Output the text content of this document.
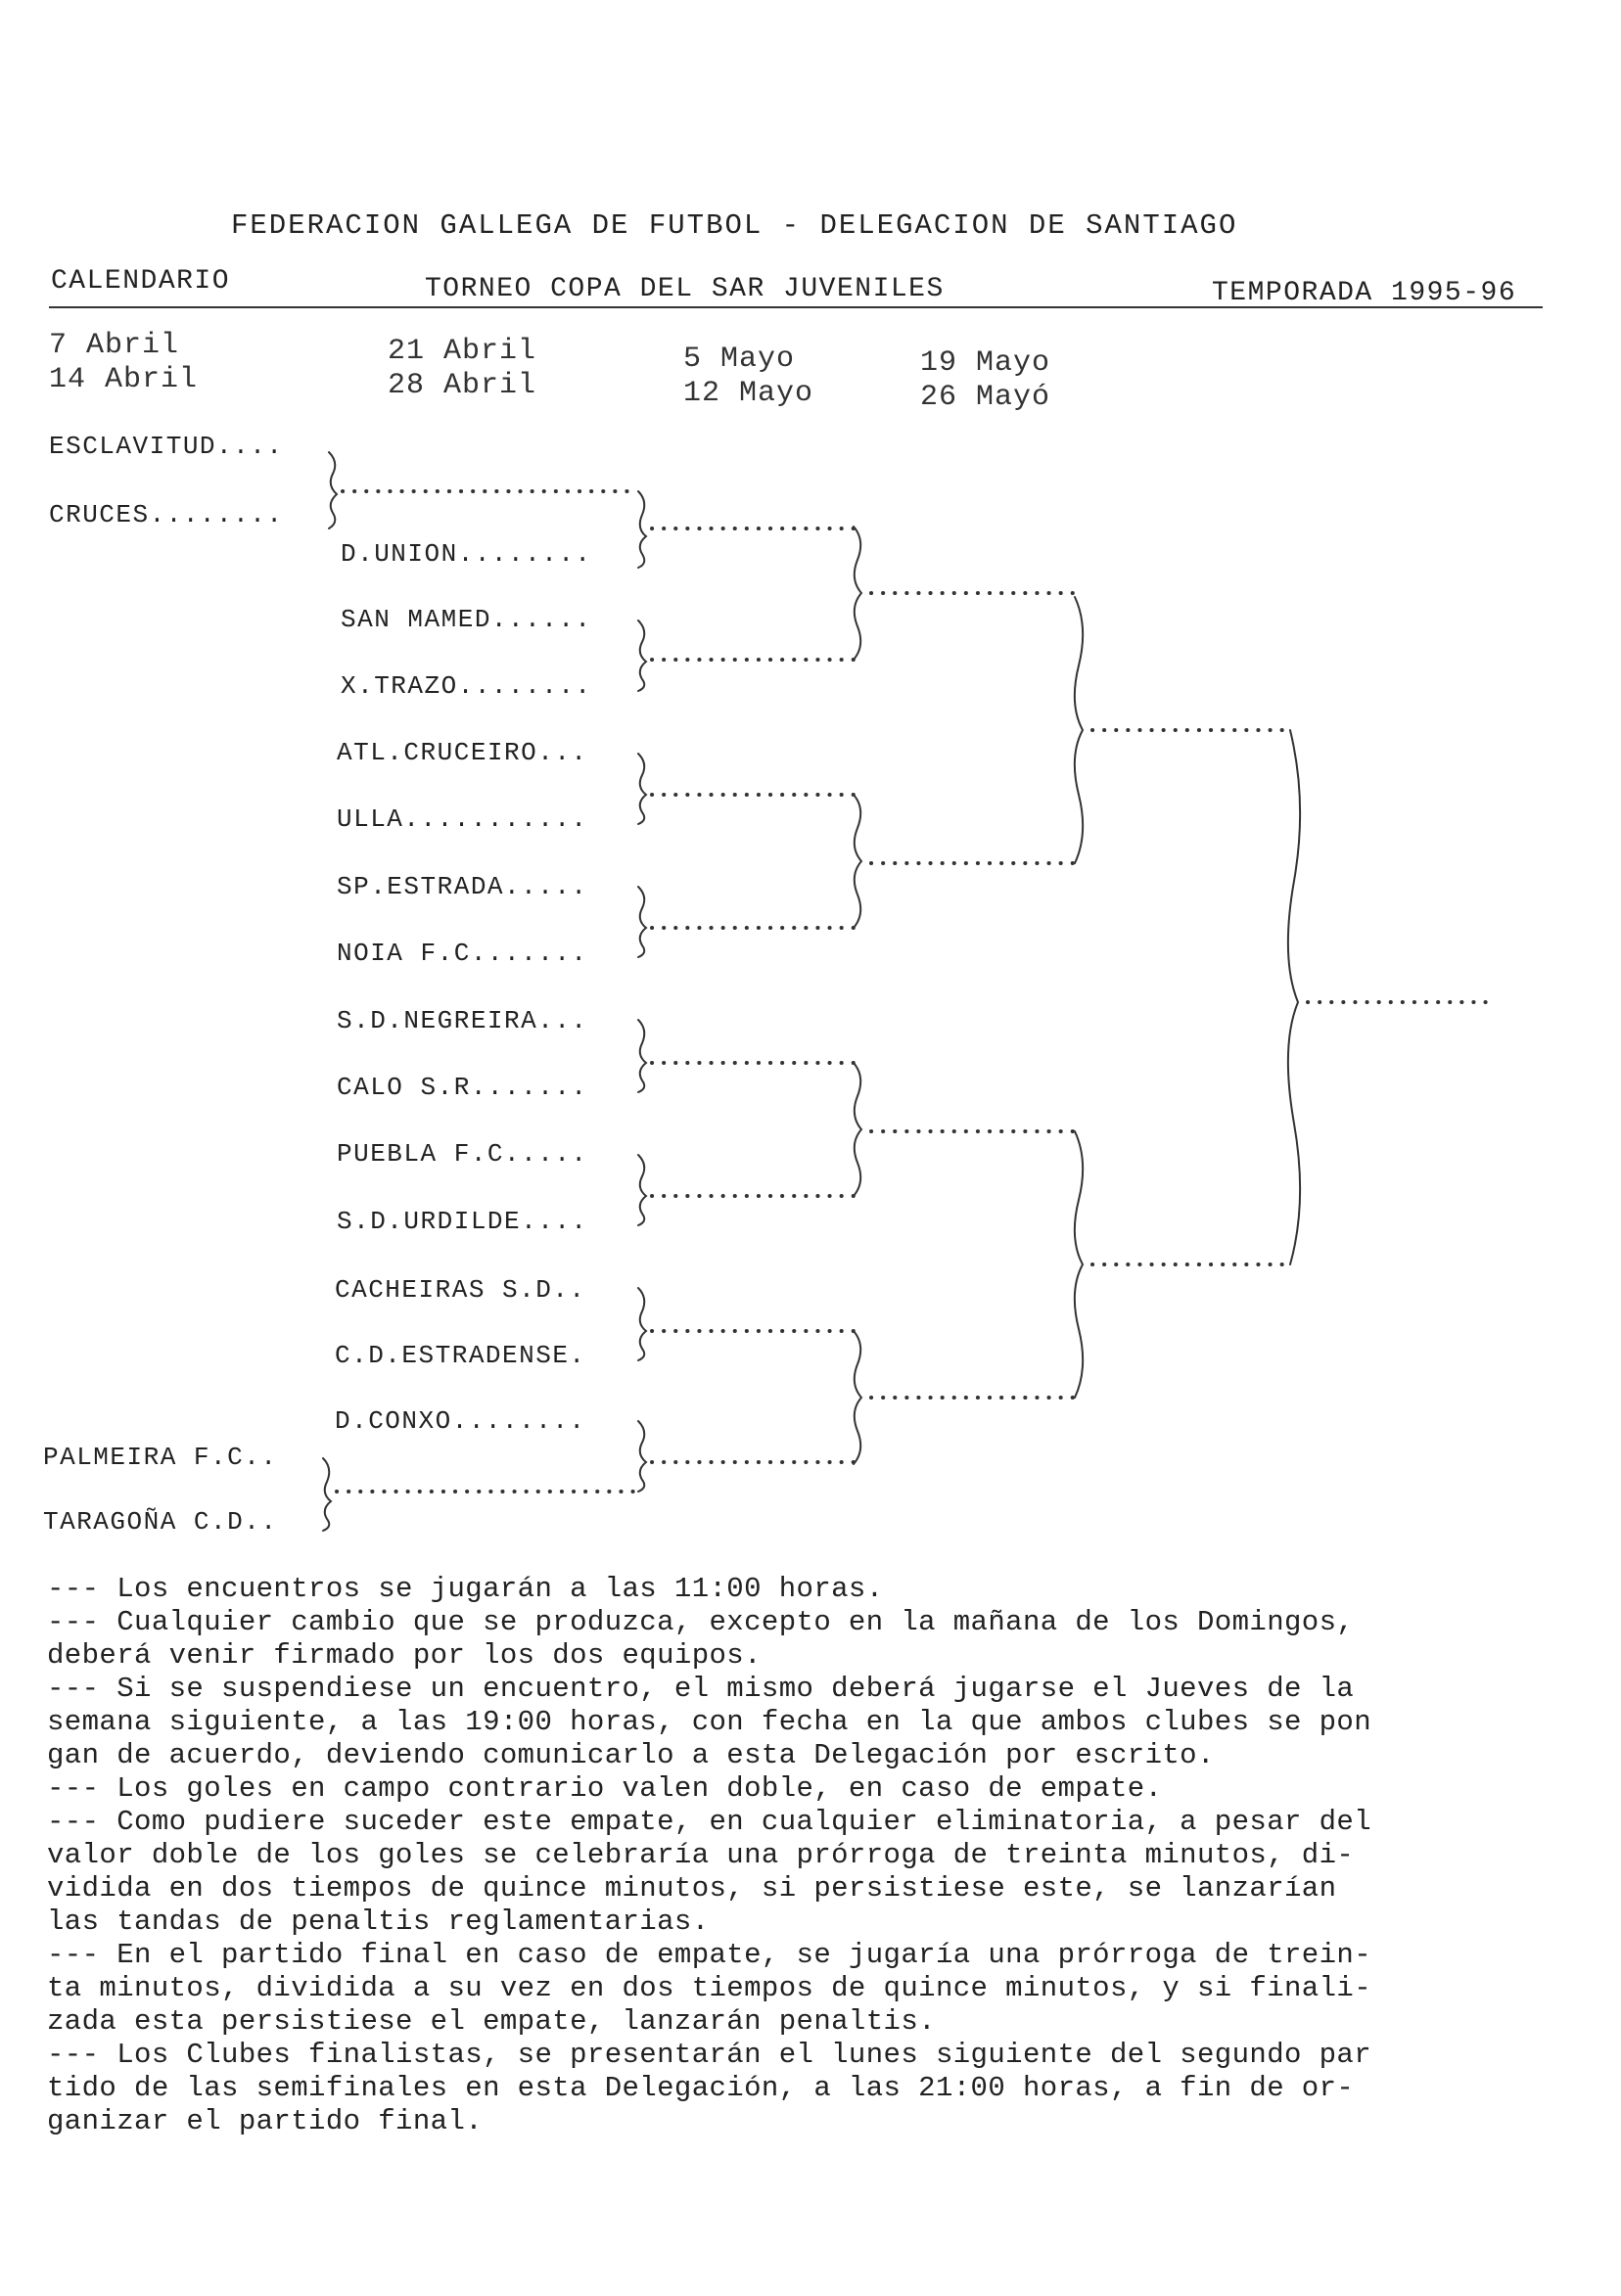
FEDERACION GALLEGA DE FUTBOL - DELEGACION DE SANTIAGO
CALENDARIO	TORNEO COPA DEL SAR JUVENILES	TEMPORADA 1995-96
7 Abril
14 Abril
21 Abril
28 Abril
5 Mayo
12 Mayo
19 Mayo
26 Mayó
ESCLAVITUD....
CRUCES........
D.UNION........
SAN MAMED......
X.TRAZO........
ATL.CRUCEIRO...
ULLA...........
SP.ESTRADA.....
NOIA F.C.......
S.D.NEGREIRA...
CALO S.R.......
PUEBLA F.C.....
S.D.URDILDE....
CACHEIRAS S.D..
C.D.ESTRADENSE.
D.CONXO........
PALMEIRA F.C..
TARAGOÑA C.D..
--- Los encuentros se jugarán a las 11:00 horas.
--- Cualquier cambio que se produzca, excepto en la mañana de los Domingos,
deberá venir firmado por los dos equipos.
--- Si se suspendiese un encuentro, el mismo deberá jugarse el Jueves de la
semana siguiente, a las 19:00 horas, con fecha en la que ambos clubes se pon
gan de acuerdo, deviendo comunicarlo a esta Delegación por escrito.
--- Los goles en campo contrario valen doble, en caso de empate.
--- Como pudiere suceder este empate, en cualquier eliminatoria, a pesar del
valor doble de los goles se celebraría una prórroga de treinta minutos, di-
vidida en dos tiempos de quince minutos, si persistiese este, se lanzarían
las tandas de penaltis reglamentarias.
--- En el partido final en caso de empate, se jugaría una prórroga de trein-
ta minutos, dividida a su vez en dos tiempos de quince minutos, y si finali-
zada esta persistiese el empate, lanzarán penaltis.
--- Los Clubes finalistas, se presentarán el lunes siguiente del segundo par
tido de las semifinales en esta Delegación, a las 21:00 horas, a fin de or-
ganizar el partido final.
